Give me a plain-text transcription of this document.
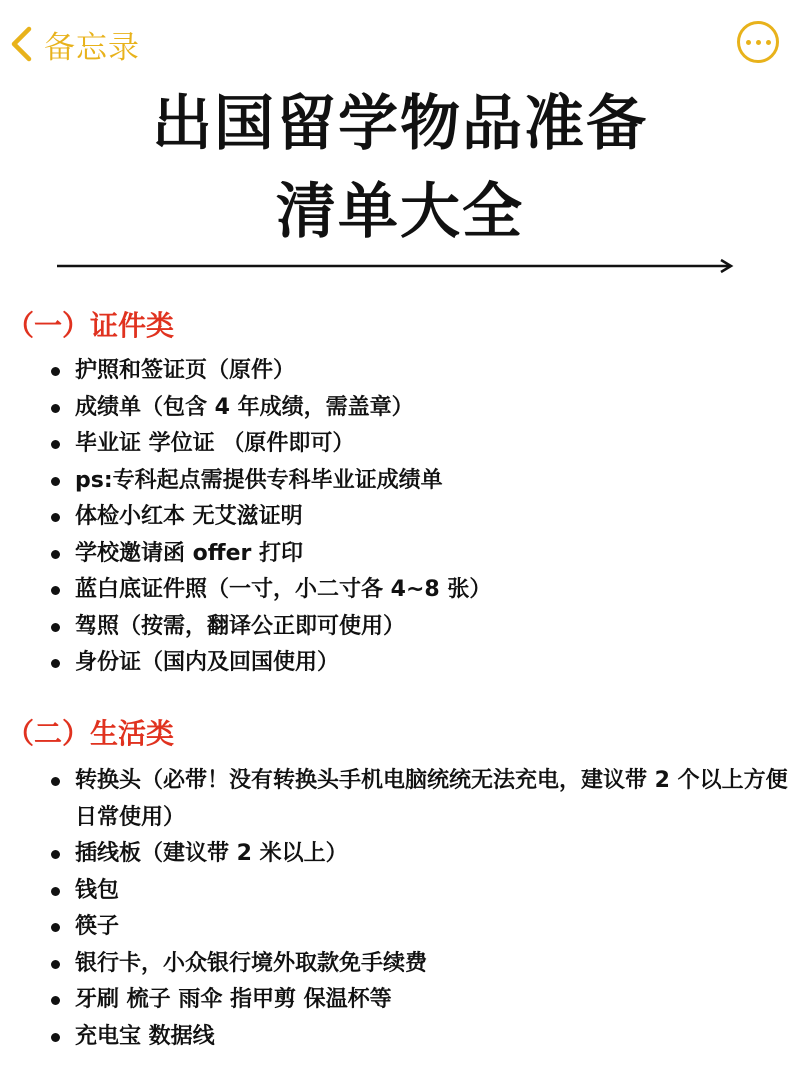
备忘录
出国留学物品准备
清单大全
（一）证件类
护照和签证页（原件）
成绩单（包含 4 年成绩，需盖章）
毕业证 学位证 （原件即可）
ps:专科起点需提供专科毕业证成绩单
体检小红本 无艾滋证明
学校邀请函 offer 打印
蓝白底证件照（一寸，小二寸各 4~8 张）
驾照（按需，翻译公正即可使用）
身份证（国内及回国使用）
（二）生活类
转换头（必带！没有转换头手机电脑统统无法充电，建议带 2 个以上方便日常使用）
插线板（建议带 2 米以上）
钱包
筷子
银行卡，小众银行境外取款免手续费
牙刷 梳子 雨伞 指甲剪 保温杯等
充电宝 数据线
